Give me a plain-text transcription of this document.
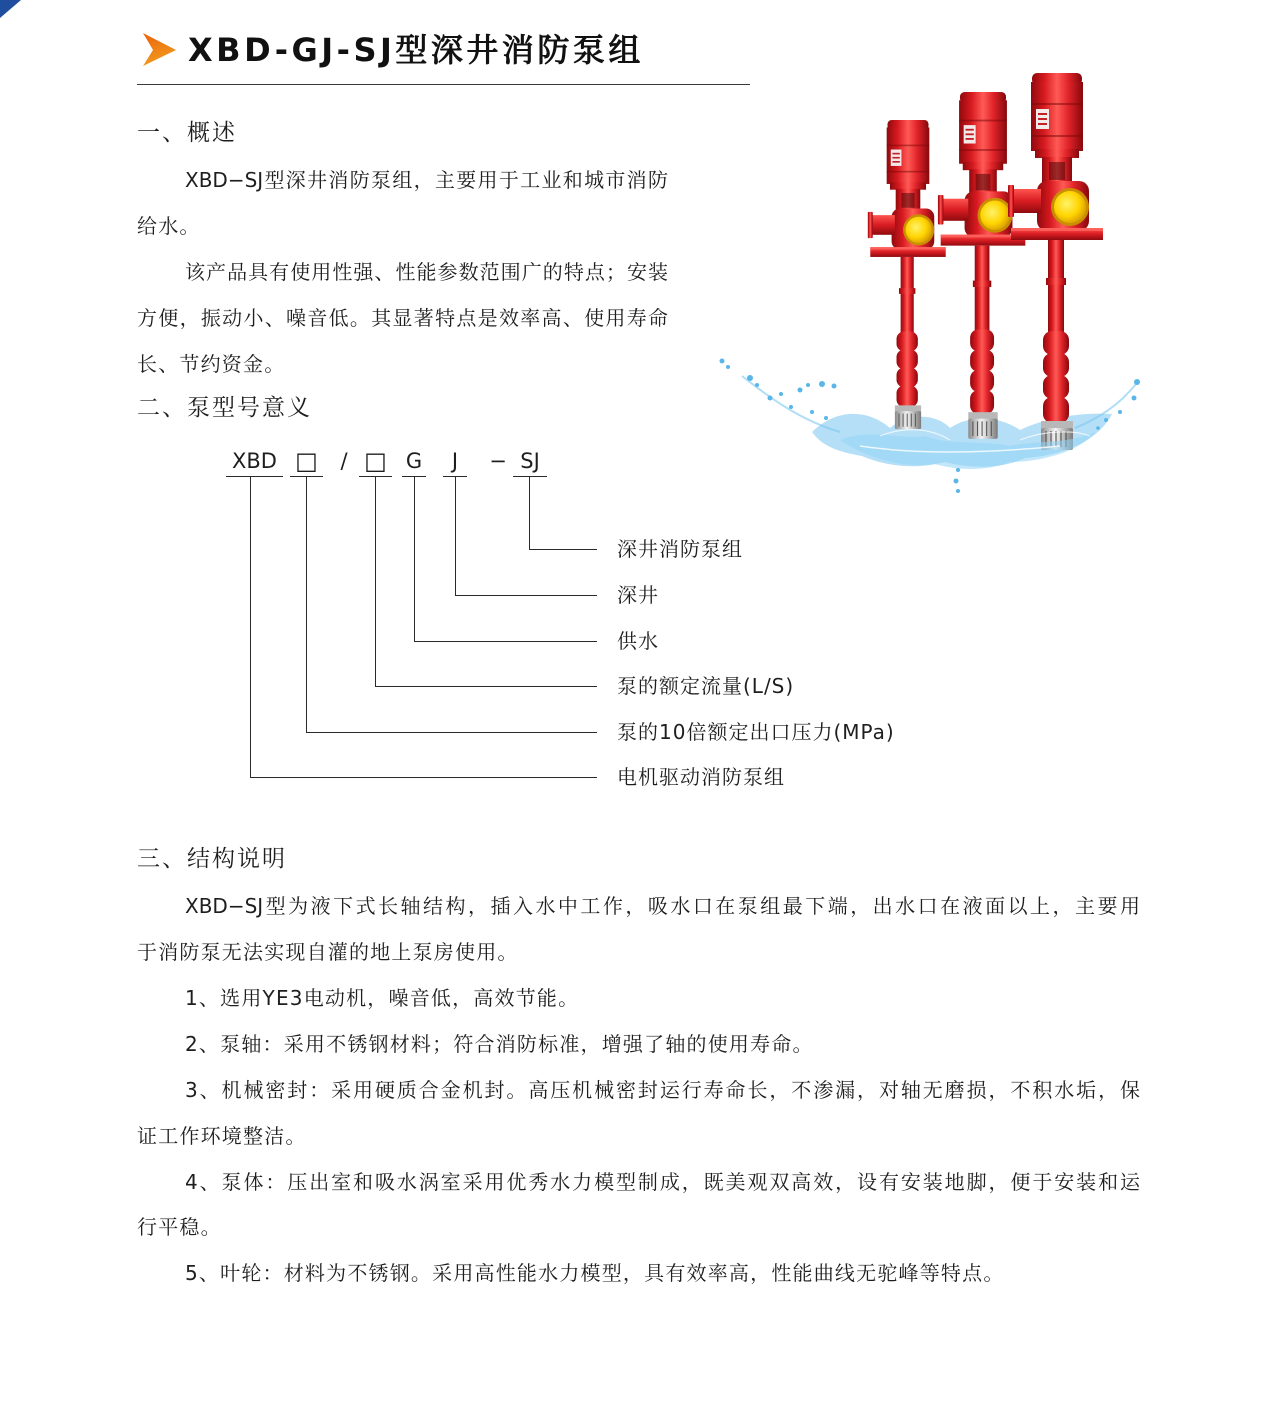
XBD-GJ-SJ型深井消防泵组
一、概述
XBD−SJ型深井消防泵组，主要用于工业和城市消防
给水。
该产品具有使用性强、性能参数范围广的特点；安装
方便，振动小、噪音低。其显著特点是效率高、使用寿命
长、节约资金。
二、泵型号意义
XBD □	/ □ G	J	− SJ
深井消防泵组
深井
供水
泵的额定流量(L/S)
泵的10倍额定出口压力(MPa)
电机驱动消防泵组
三、结构说明
XBD−SJ型为液下式长轴结构，插入水中工作，吸水口在泵组最下端，出水口在液面以上，主要用
于消防泵无法实现自灌的地上泵房使用。
1、选用YE3电动机，噪音低，高效节能。
2、泵轴：采用不锈钢材料；符合消防标准，增强了轴的使用寿命。
3、机械密封：采用硬质合金机封。高压机械密封运行寿命长，不渗漏，对轴无磨损，不积水垢，保
证工作环境整洁。
4、泵体：压出室和吸水涡室采用优秀水力模型制成，既美观双高效，设有安装地脚，便于安装和运
行平稳。
5、叶轮：材料为不锈钢。采用高性能水力模型，具有效率高，性能曲线无驼峰等特点。
